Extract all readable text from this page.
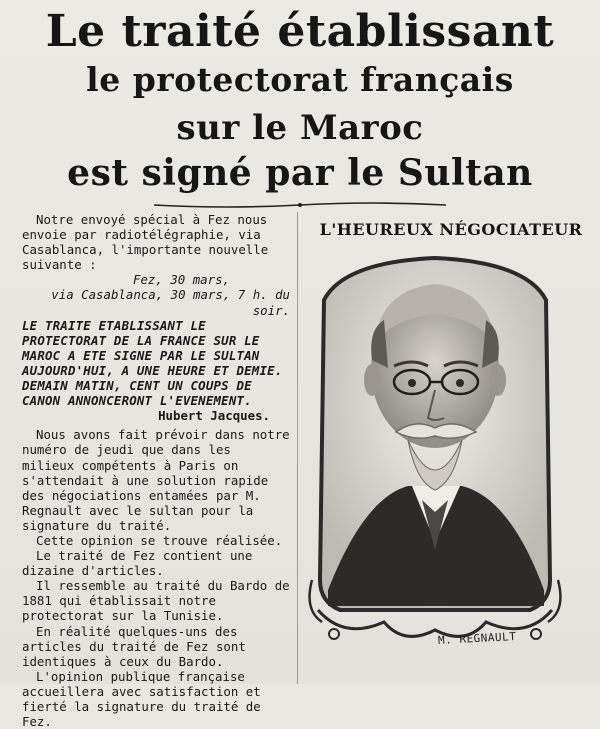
Le traité établissant
le protectorat français
sur le Maroc
est signé par le Sultan

Notre envoyé spécial à Fez nous envoie par radiotélégraphie, via Casablanca, l'importante nouvelle suivante :

Fez, 30 mars,

via Casablanca, 30 mars, 7 h. du soir.

LE TRAITE ETABLISSANT LE PROTECTORAT DE LA FRANCE SUR LE MAROC A ETE SIGNE PAR LE SULTAN AUJOURD'HUI, A UNE HEURE ET DEMIE.

DEMAIN MATIN, CENT UN COUPS DE CANON ANNONCERONT L'EVENEMENT.

Hubert Jacques.

Nous avons fait prévoir dans notre numéro de jeudi que dans les milieux compétents à Paris on s'attendait à une solution rapide des négociations entamées par M. Regnault avec le sultan pour la signature du traité.

Cette opinion se trouve réalisée.

Le traité de Fez contient une dizaine d'articles.

Il ressemble au traité du Bardo de 1881 qui établissait notre protectorat sur la Tunisie.

En réalité quelques-uns des articles du traité de Fez sont identiques à ceux du Bardo.

L'opinion publique française accueillera avec satisfaction et fierté la signature du traité de Fez.

L'HEUREUX NÉGOCIATEUR
M. REGNAULT
